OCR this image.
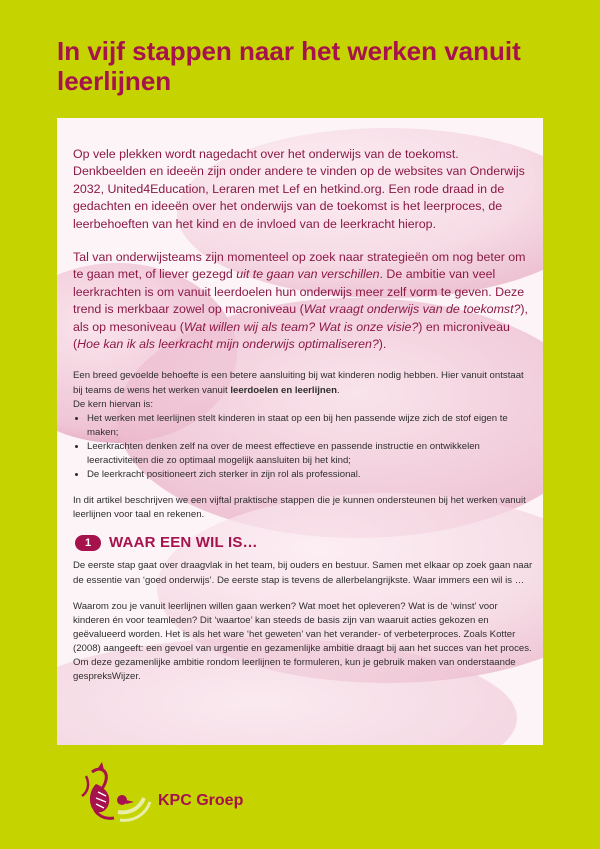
In vijf stappen naar het werken vanuit leerlijnen

Op vele plekken wordt nagedacht over het onderwijs van de toekomst. Denkbeelden en ideeën zijn onder andere te vinden op de websites van Onderwijs 2032, United4Education, Leraren met Lef en hetkind.org. Een rode draad in de gedachten en ideeën over het onderwijs van de toekomst is het leerproces, de leerbehoeften van het kind en de invloed van de leerkracht hierop.

Tal van onderwijsteams zijn momenteel op zoek naar strategieën om nog beter om te gaan met, of liever gezegd uit te gaan van verschillen. De ambitie van veel leerkrachten is om vanuit leerdoelen hun onderwijs meer zelf vorm te geven. Deze trend is merkbaar zowel op macroniveau (Wat vraagt onderwijs van de toekomst?), als op mesoniveau (Wat willen wij als team? Wat is onze visie?) en microniveau (Hoe kan ik als leerkracht mijn onderwijs optimaliseren?).

Een breed gevoelde behoefte is een betere aansluiting bij wat kinderen nodig hebben. Hier vanuit ontstaat bij teams de wens het werken vanuit leerdoelen en leerlijnen.
De kern hiervan is:

• Het werken met leerlijnen stelt kinderen in staat op een bij hen passende wijze zich de stof eigen te maken;
• Leerkrachten denken zelf na over de meest effectieve en passende instructie en ontwikkelen leeractiviteiten die zo optimaal mogelijk aansluiten bij het kind;
• De leerkracht positioneert zich sterker in zijn rol als professional.

In dit artikel beschrijven we een vijftal praktische stappen die je kunnen ondersteunen bij het werken vanuit leerlijnen voor taal en rekenen.

1	WAAR EEN WIL IS…

De eerste stap gaat over draagvlak in het team, bij ouders en bestuur. Samen met elkaar op zoek gaan naar de essentie van ‘goed onderwijs’. De eerste stap is tevens de allerbelangrijkste. Waar immers een wil is …

Waarom zou je vanuit leerlijnen willen gaan werken? Wat moet het opleveren? Wat is de ‘winst’ voor kinderen én voor teamleden? Dit ‘waartoe’ kan steeds de basis zijn van waaruit acties gekozen en geëvalueerd worden. Het is als het ware ‘het geweten’ van het verander- of verbeterproces. Zoals Kotter (2008) aangeeft: een gevoel van urgentie en gezamenlijke ambitie draagt bij aan het succes van het proces. Om deze gezamenlijke ambitie rondom leerlijnen te formuleren, kun je gebruik maken van onderstaande gespreksWijzer.

KPC Groep
